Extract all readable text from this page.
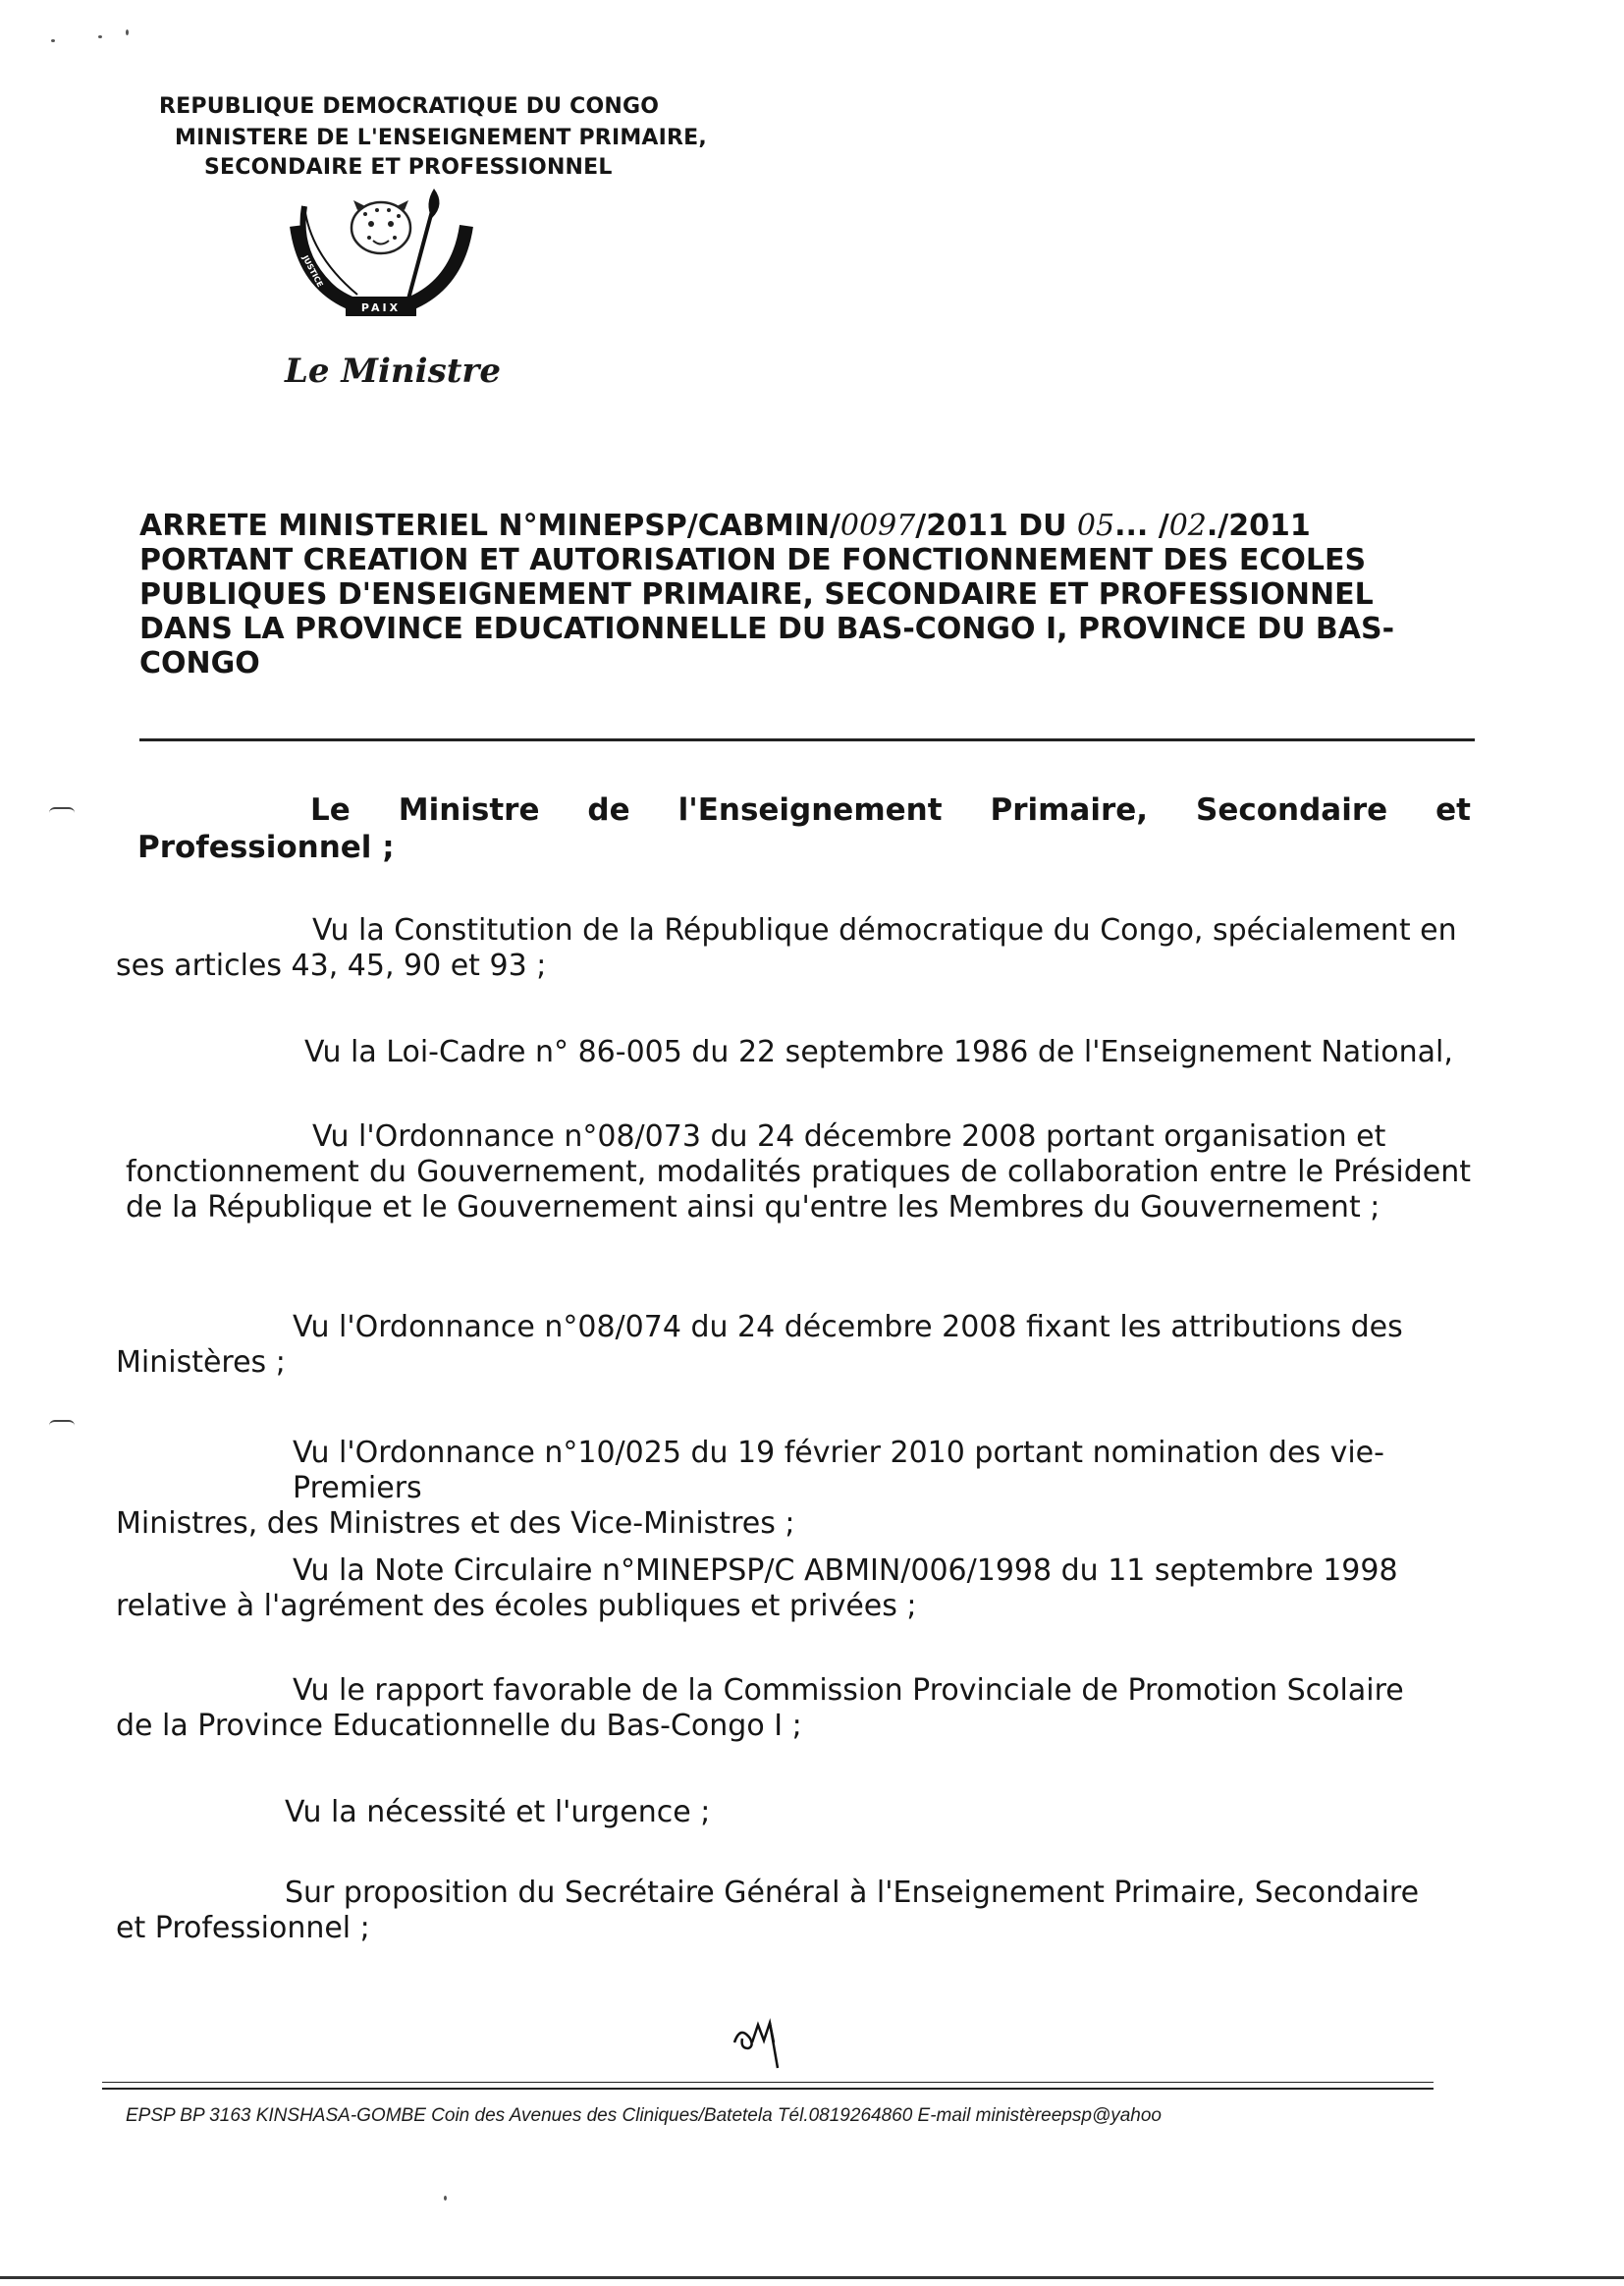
REPUBLIQUE DEMOCRATIQUE DU CONGO
MINISTERE DE L'ENSEIGNEMENT PRIMAIRE,
SECONDAIRE ET PROFESSIONNEL
PAIX
JUSTICE
TRAVAIL
Le Ministre
ARRETE MINISTERIEL N°MINEPSP/CABMIN/0097/2011 DU 05... /02./2011
PORTANT CREATION ET AUTORISATION DE FONCTIONNEMENT DES ECOLES
PUBLIQUES D'ENSEIGNEMENT PRIMAIRE, SECONDAIRE ET PROFESSIONNEL
DANS LA PROVINCE EDUCATIONNELLE DU BAS-CONGO I, PROVINCE DU BAS-
CONGO
Le Ministre de l'Enseignement Primaire, Secondaire et
Professionnel ;
Vu la Constitution de la République démocratique du Congo, spécialement en
ses articles 43, 45, 90 et 93 ;
Vu la Loi-Cadre n° 86-005 du 22 septembre 1986 de l'Enseignement National,
Vu l'Ordonnance n°08/073 du 24 décembre 2008 portant organisation et
fonctionnement du Gouvernement, modalités pratiques de collaboration entre le Président de la République et le Gouvernement ainsi qu'entre les Membres du Gouvernement ;
Vu l'Ordonnance n°08/074 du 24 décembre 2008 fixant les attributions des
Ministères ;
Vu l'Ordonnance n°10/025 du 19 février 2010 portant nomination des vie-Premiers
Ministres, des Ministres et des Vice-Ministres ;
Vu la Note Circulaire n°MINEPSP/C ABMIN/006/1998 du 11 septembre 1998
relative à l'agrément des écoles publiques et privées ;
Vu le rapport favorable de la Commission Provinciale de Promotion Scolaire
de la Province Educationnelle du Bas-Congo I ;
Vu la nécessité et l'urgence ;
Sur proposition du Secrétaire Général à l'Enseignement Primaire, Secondaire
et Professionnel ;
EPSP BP 3163 KINSHASA-GOMBE Coin des Avenues des Cliniques/Batetela Tél.0819264860 E-mail ministèreepsp@yahoo
